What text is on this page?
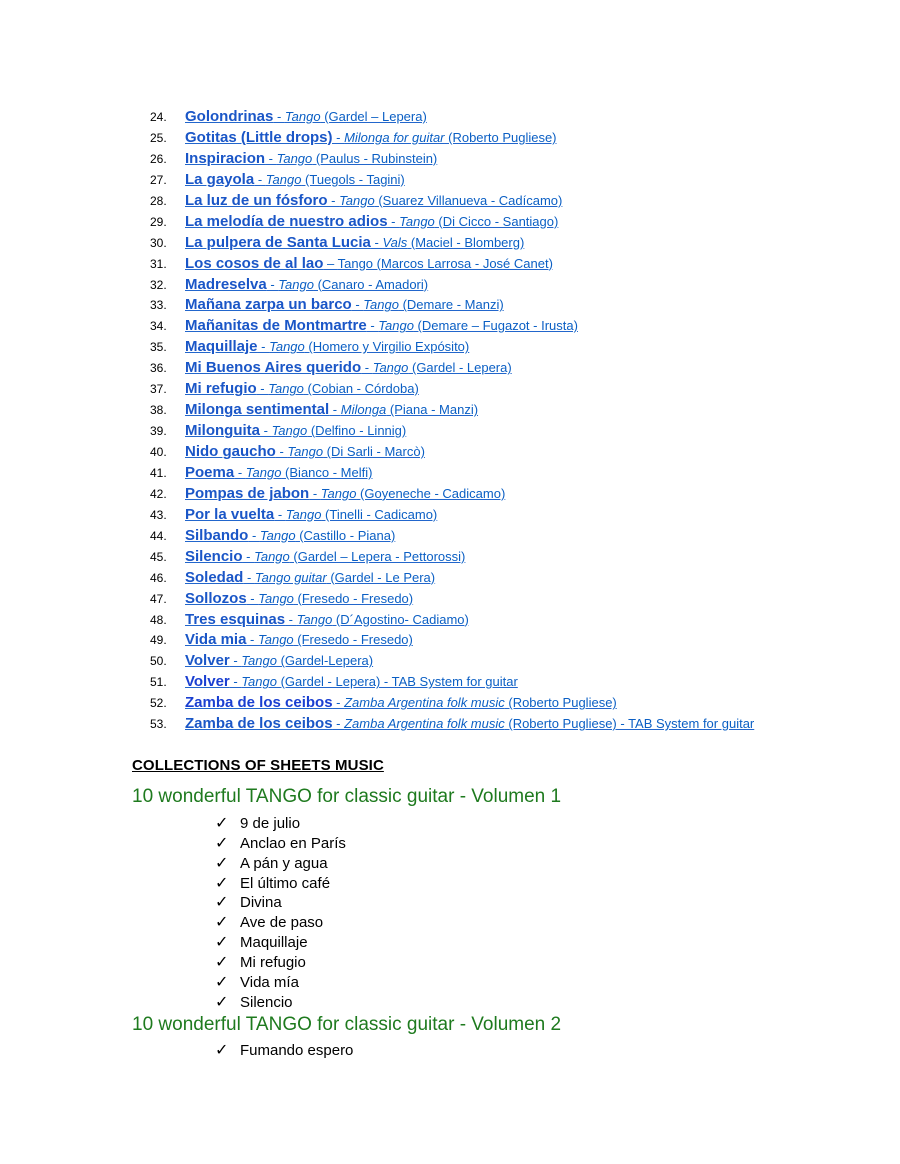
24. Golondrinas - Tango (Gardel – Lepera)
25. Gotitas (Little drops) - Milonga for guitar (Roberto Pugliese)
26. Inspiracion - Tango (Paulus - Rubinstein)
27. La gayola - Tango (Tuegols - Tagini)
28. La luz de un fósforo - Tango (Suarez Villanueva - Cadícamo)
29. La melodía de nuestro adios - Tango (Di Cicco - Santiago)
30. La pulpera de Santa Lucia - Vals (Maciel - Blomberg)
31. Los cosos de al lao – Tango (Marcos Larrosa - José Canet)
32. Madreselva - Tango (Canaro - Amadori)
33. Mañana zarpa un barco - Tango (Demare - Manzi)
34. Mañanitas de Montmartre - Tango (Demare – Fugazot - Irusta)
35. Maquillaje - Tango (Homero y Virgilio Expósito)
36. Mi Buenos Aires querido - Tango (Gardel - Lepera)
37. Mi refugio - Tango (Cobian - Córdoba)
38. Milonga sentimental - Milonga (Piana - Manzi)
39. Milonguita - Tango (Delfino - Linnig)
40. Nido gaucho - Tango (Di Sarli - Marcò)
41. Poema - Tango (Bianco - Melfi)
42. Pompas de jabon - Tango (Goyeneche - Cadicamo)
43. Por la vuelta - Tango (Tinelli - Cadicamo)
44. Silbando - Tango (Castillo - Piana)
45. Silencio - Tango (Gardel – Lepera - Pettorossi)
46. Soledad - Tango guitar (Gardel - Le Pera)
47. Sollozos - Tango (Fresedo - Fresedo)
48. Tres esquinas - Tango (D´Agostino- Cadiamo)
49. Vida mia - Tango (Fresedo - Fresedo)
50. Volver - Tango (Gardel-Lepera)
51. Volver - Tango (Gardel - Lepera) - TAB System for guitar
52. Zamba de los ceibos - Zamba Argentina folk music (Roberto Pugliese)
53. Zamba de los ceibos - Zamba Argentina folk music (Roberto Pugliese) - TAB System for guitar
COLLECTIONS OF SHEETS MUSIC
10 wonderful TANGO for classic guitar - Volumen 1
✓ 9 de julio
✓ Anclao en París
✓ A pán y agua
✓ El último café
✓ Divina
✓ Ave de paso
✓ Maquillaje
✓ Mi refugio
✓ Vida mía
✓ Silencio
10 wonderful TANGO for classic guitar - Volumen 2
✓ Fumando espero
